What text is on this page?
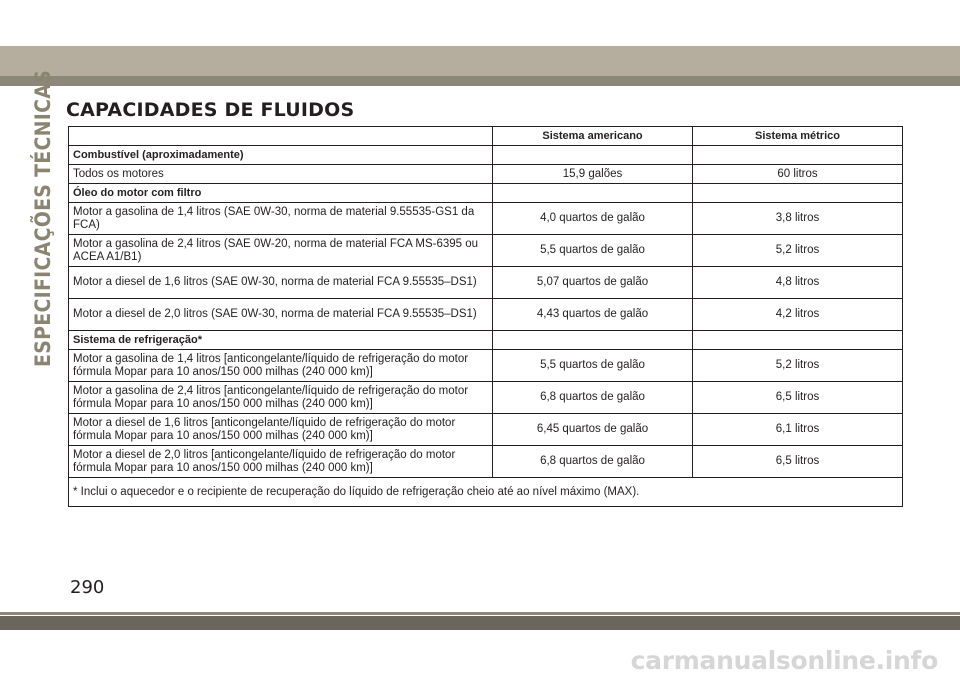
ESPECIFICAÇÕES TÉCNICAS CAPACIDADES DE FLUIDOS
	Sistema americano	Sistema métrico
Combustível (aproximadamente)		
Todos os motores	15,9 galões	60 litros
Óleo do motor com filtro		
Motor a gasolina de 1,4 litros (SAE 0W-30, norma de material 9.55535-GS1 da FCA)	4,0 quartos de galão	3,8 litros
Motor a gasolina de 2,4 litros (SAE 0W-20, norma de material FCA MS-6395 ou ACEA A1/B1)	5,5 quartos de galão	5,2 litros
Motor a diesel de 1,6 litros (SAE 0W-30, norma de material FCA 9.55535–DS1)	5,07 quartos de galão	4,8 litros
Motor a diesel de 2,0 litros (SAE 0W-30, norma de material FCA 9.55535–DS1)	4,43 quartos de galão	4,2 litros
Sistema de refrigeração*		
Motor a gasolina de 1,4 litros [anticongelante/líquido de refrigeração do motor fórmula Mopar para 10 anos/150 000 milhas (240 000 km)]	5,5 quartos de galão	5,2 litros
Motor a gasolina de 2,4 litros [anticongelante/líquido de refrigeração do motor fórmula Mopar para 10 anos/150 000 milhas (240 000 km)]	6,8 quartos de galão	6,5 litros
Motor a diesel de 1,6 litros [anticongelante/líquido de refrigeração do motor fórmula Mopar para 10 anos/150 000 milhas (240 000 km)]	6,45 quartos de galão	6,1 litros
Motor a diesel de 2,0 litros [anticongelante/líquido de refrigeração do motor fórmula Mopar para 10 anos/150 000 milhas (240 000 km)]	6,8 quartos de galão	6,5 litros
* Inclui o aquecedor e o recipiente de recuperação do líquido de refrigeração cheio até ao nível máximo (MAX).		
290
carmanualsonline.info
